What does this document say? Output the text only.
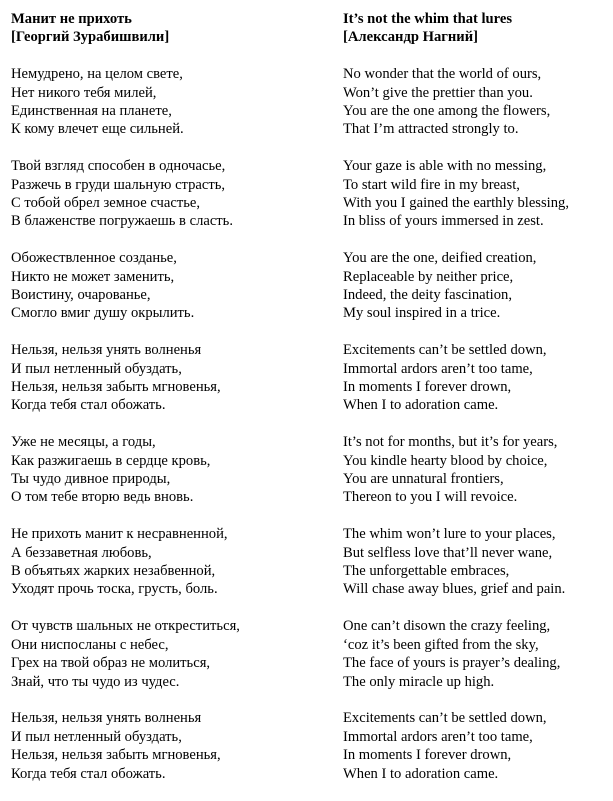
Манит не прихоть
[Георгий Зурабишвили]
Немудрено, на целом свете,
Нет никого тебя милей,
Единственная на планете,
К кому влечет еще сильней.
Твой взгляд способен в одночасье,
Разжечь в груди шальную страсть,
С тобой обрел земное счастье,
В блаженстве погружаешь в сласть.
Обожествленное созданье,
Никто не может заменить,
Воистину, очарованье,
Смогло вмиг душу окрылить.
Нельзя, нельзя унять волненья
И пыл нетленный обуздать,
Нельзя, нельзя забыть мгновенья,
Когда тебя стал обожать.
Уже не месяцы, а годы,
Как разжигаешь в сердце кровь,
Ты чудо дивное природы,
О том тебе вторю ведь вновь.
Не прихоть манит к несравненной,
А беззаветная любовь,
В объятьях жарких незабвенной,
Уходят прочь тоска, грусть, боль.
От чувств шальных не откреститься,
Они ниспосланы с небес,
Грех на твой образ не молиться,
Знай, что ты чудо из чудес.
Нельзя, нельзя унять волненья
И пыл нетленный обуздать,
Нельзя, нельзя забыть мгновенья,
Когда тебя стал обожать.
It’s not the whim that lures
[Александр Нагний]
No wonder that the world of ours,
Won’t give the prettier than you.
You are the one among the flowers,
That I’m attracted strongly to.
Your gaze is able with no messing,
To start wild fire in my breast,
With you I gained the earthly blessing,
In bliss of yours immersed in zest.
You are the one, deified creation,
Replaceable by neither price,
Indeed, the deity fascination,
My soul inspired in a trice.
Excitements can’t be settled down,
Immortal ardors aren’t too tame,
In moments I forever drown,
When I to adoration came.
It’s not for months, but it’s for years,
You kindle hearty blood by choice,
You are unnatural frontiers,
Thereon to you I will revoice.
The whim won’t lure to your places,
But selfless love that’ll never wane,
The unforgettable embraces,
Will chase away blues, grief and pain.
One can’t disown the crazy feeling,
‘coz it’s been gifted from the sky,
The face of yours is prayer’s dealing,
The only miracle up high.
Excitements can’t be settled down,
Immortal ardors aren’t too tame,
In moments I forever drown,
When I to adoration came.
